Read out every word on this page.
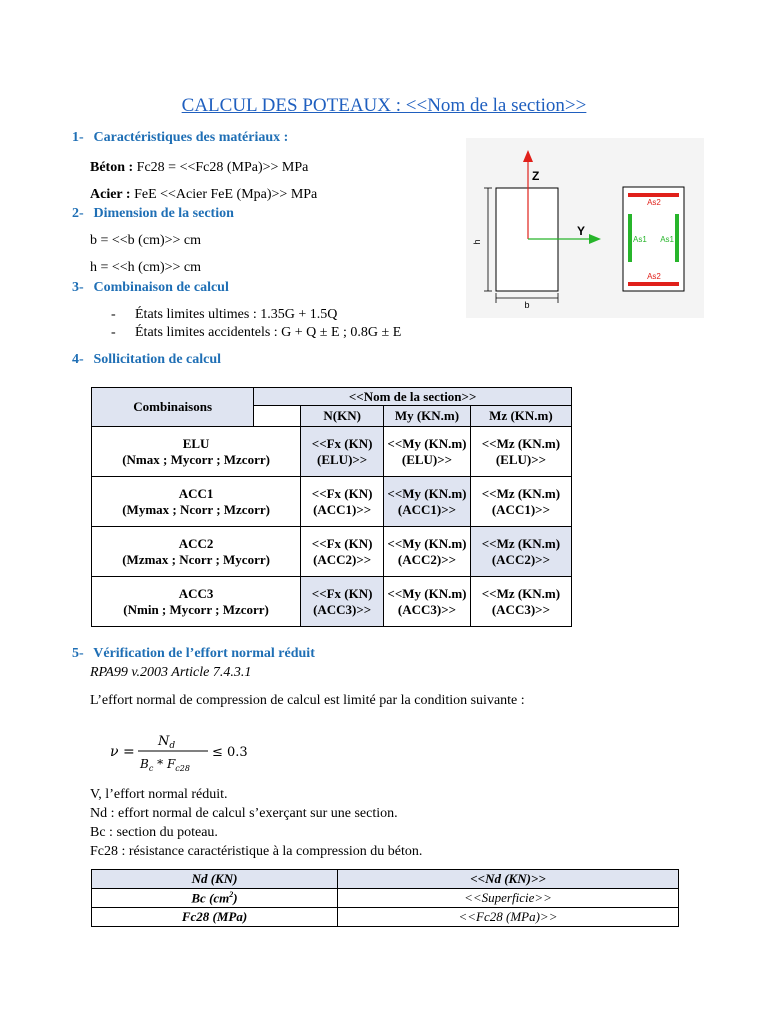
CALCUL DES POTEAUX : <<Nom de la section>>
1- Caractéristiques des matériaux :
Béton : Fc28 = <<Fc28 (MPa)>> MPa
Acier : FeE <<Acier FeE (Mpa)>> MPa
2- Dimension de la section
b = <<b (cm)>> cm
h = <<h (cm)>> cm
3- Combinaison de calcul
- États limites ultimes : 1.35G + 1.5Q
- États limites accidentels : G + Q ± E ; 0.8G ± E
h
b
Z
Y
As2
As2
As1 As1
4- Sollicitation de calcul
Combinaisons	<<Nom de la section>>			
		N(KN)	My (KN.m)	Mz (KN.m)
ELU
(Nmax ; Mycorr ; Mzcorr)		<<Fx (KN) (ELU)>>	<<My (KN.m) (ELU)>>	<<Mz (KN.m) (ELU)>>
ACC1
(Mymax ; Ncorr ; Mzcorr)		<<Fx (KN) (ACC1)>>	<<My (KN.m) (ACC1)>>	<<Mz (KN.m) (ACC1)>>
ACC2
(Mzmax ; Ncorr ; Mycorr)		<<Fx (KN) (ACC2)>>	<<My (KN.m) (ACC2)>>	<<Mz (KN.m) (ACC2)>>
ACC3
(Nmin ; Mycorr ; Mzcorr)		<<Fx (KN) (ACC3)>>	<<My (KN.m) (ACC3)>>	<<Mz (KN.m) (ACC3)>>
5- Vérification de l’effort normal réduit
RPA99 v.2003 Article 7.4.3.1
L’effort normal de compression de calcul est limité par la condition suivante :
ν =
$N_d$
$B_c * F_{c28}$
≤ 0.3
V, l’effort normal réduit.
Nd : effort normal de calcul s’exerçant sur une section.
Bc : section du poteau.
Fc28 : résistance caractéristique à la compression du béton.
Nd (KN)	<<Nd (KN)>>
Bc $(cm^2)$	<<Superficie>>
Fc28 (MPa)	<<Fc28 (MPa)>>
